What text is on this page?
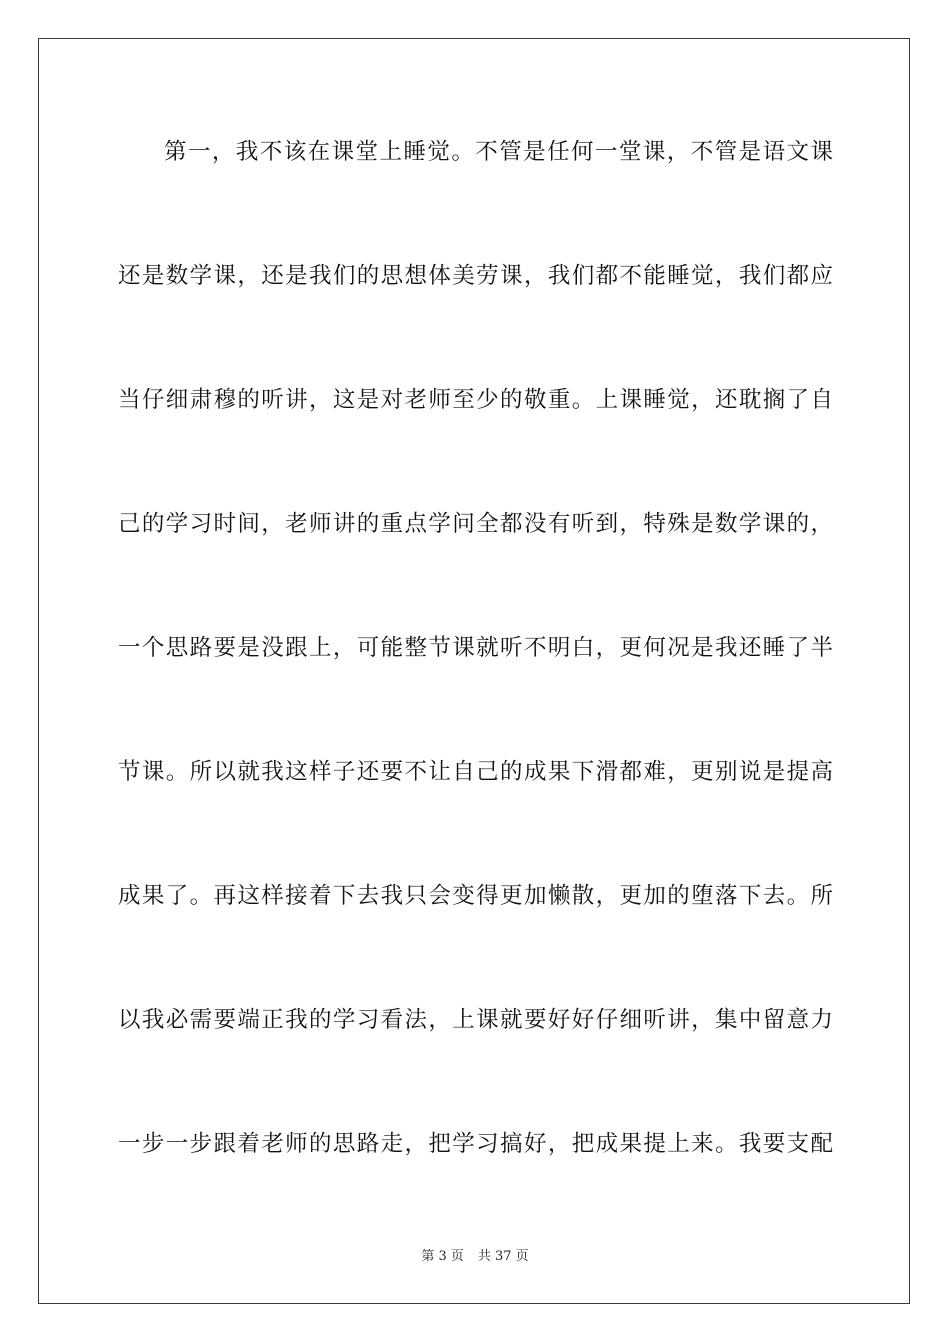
第一，我不该在课堂上睡觉。不管是任何一堂课，不管是语文课
还是数学课，还是我们的思想体美劳课，我们都不能睡觉，我们都应
当仔细肃穆的听讲，这是对老师至少的敬重。上课睡觉，还耽搁了自
己的学习时间，老师讲的重点学问全都没有听到，特殊是数学课的，
一个思路要是没跟上，可能整节课就听不明白，更何况是我还睡了半
节课。所以就我这样子还要不让自己的成果下滑都难，更别说是提高
成果了。再这样接着下去我只会变得更加懒散，更加的堕落下去。所
以我必需要端正我的学习看法，上课就要好好仔细听讲，集中留意力
一步一步跟着老师的思路走，把学习搞好，把成果提上来。我要支配
第 3 页 共 37 页
